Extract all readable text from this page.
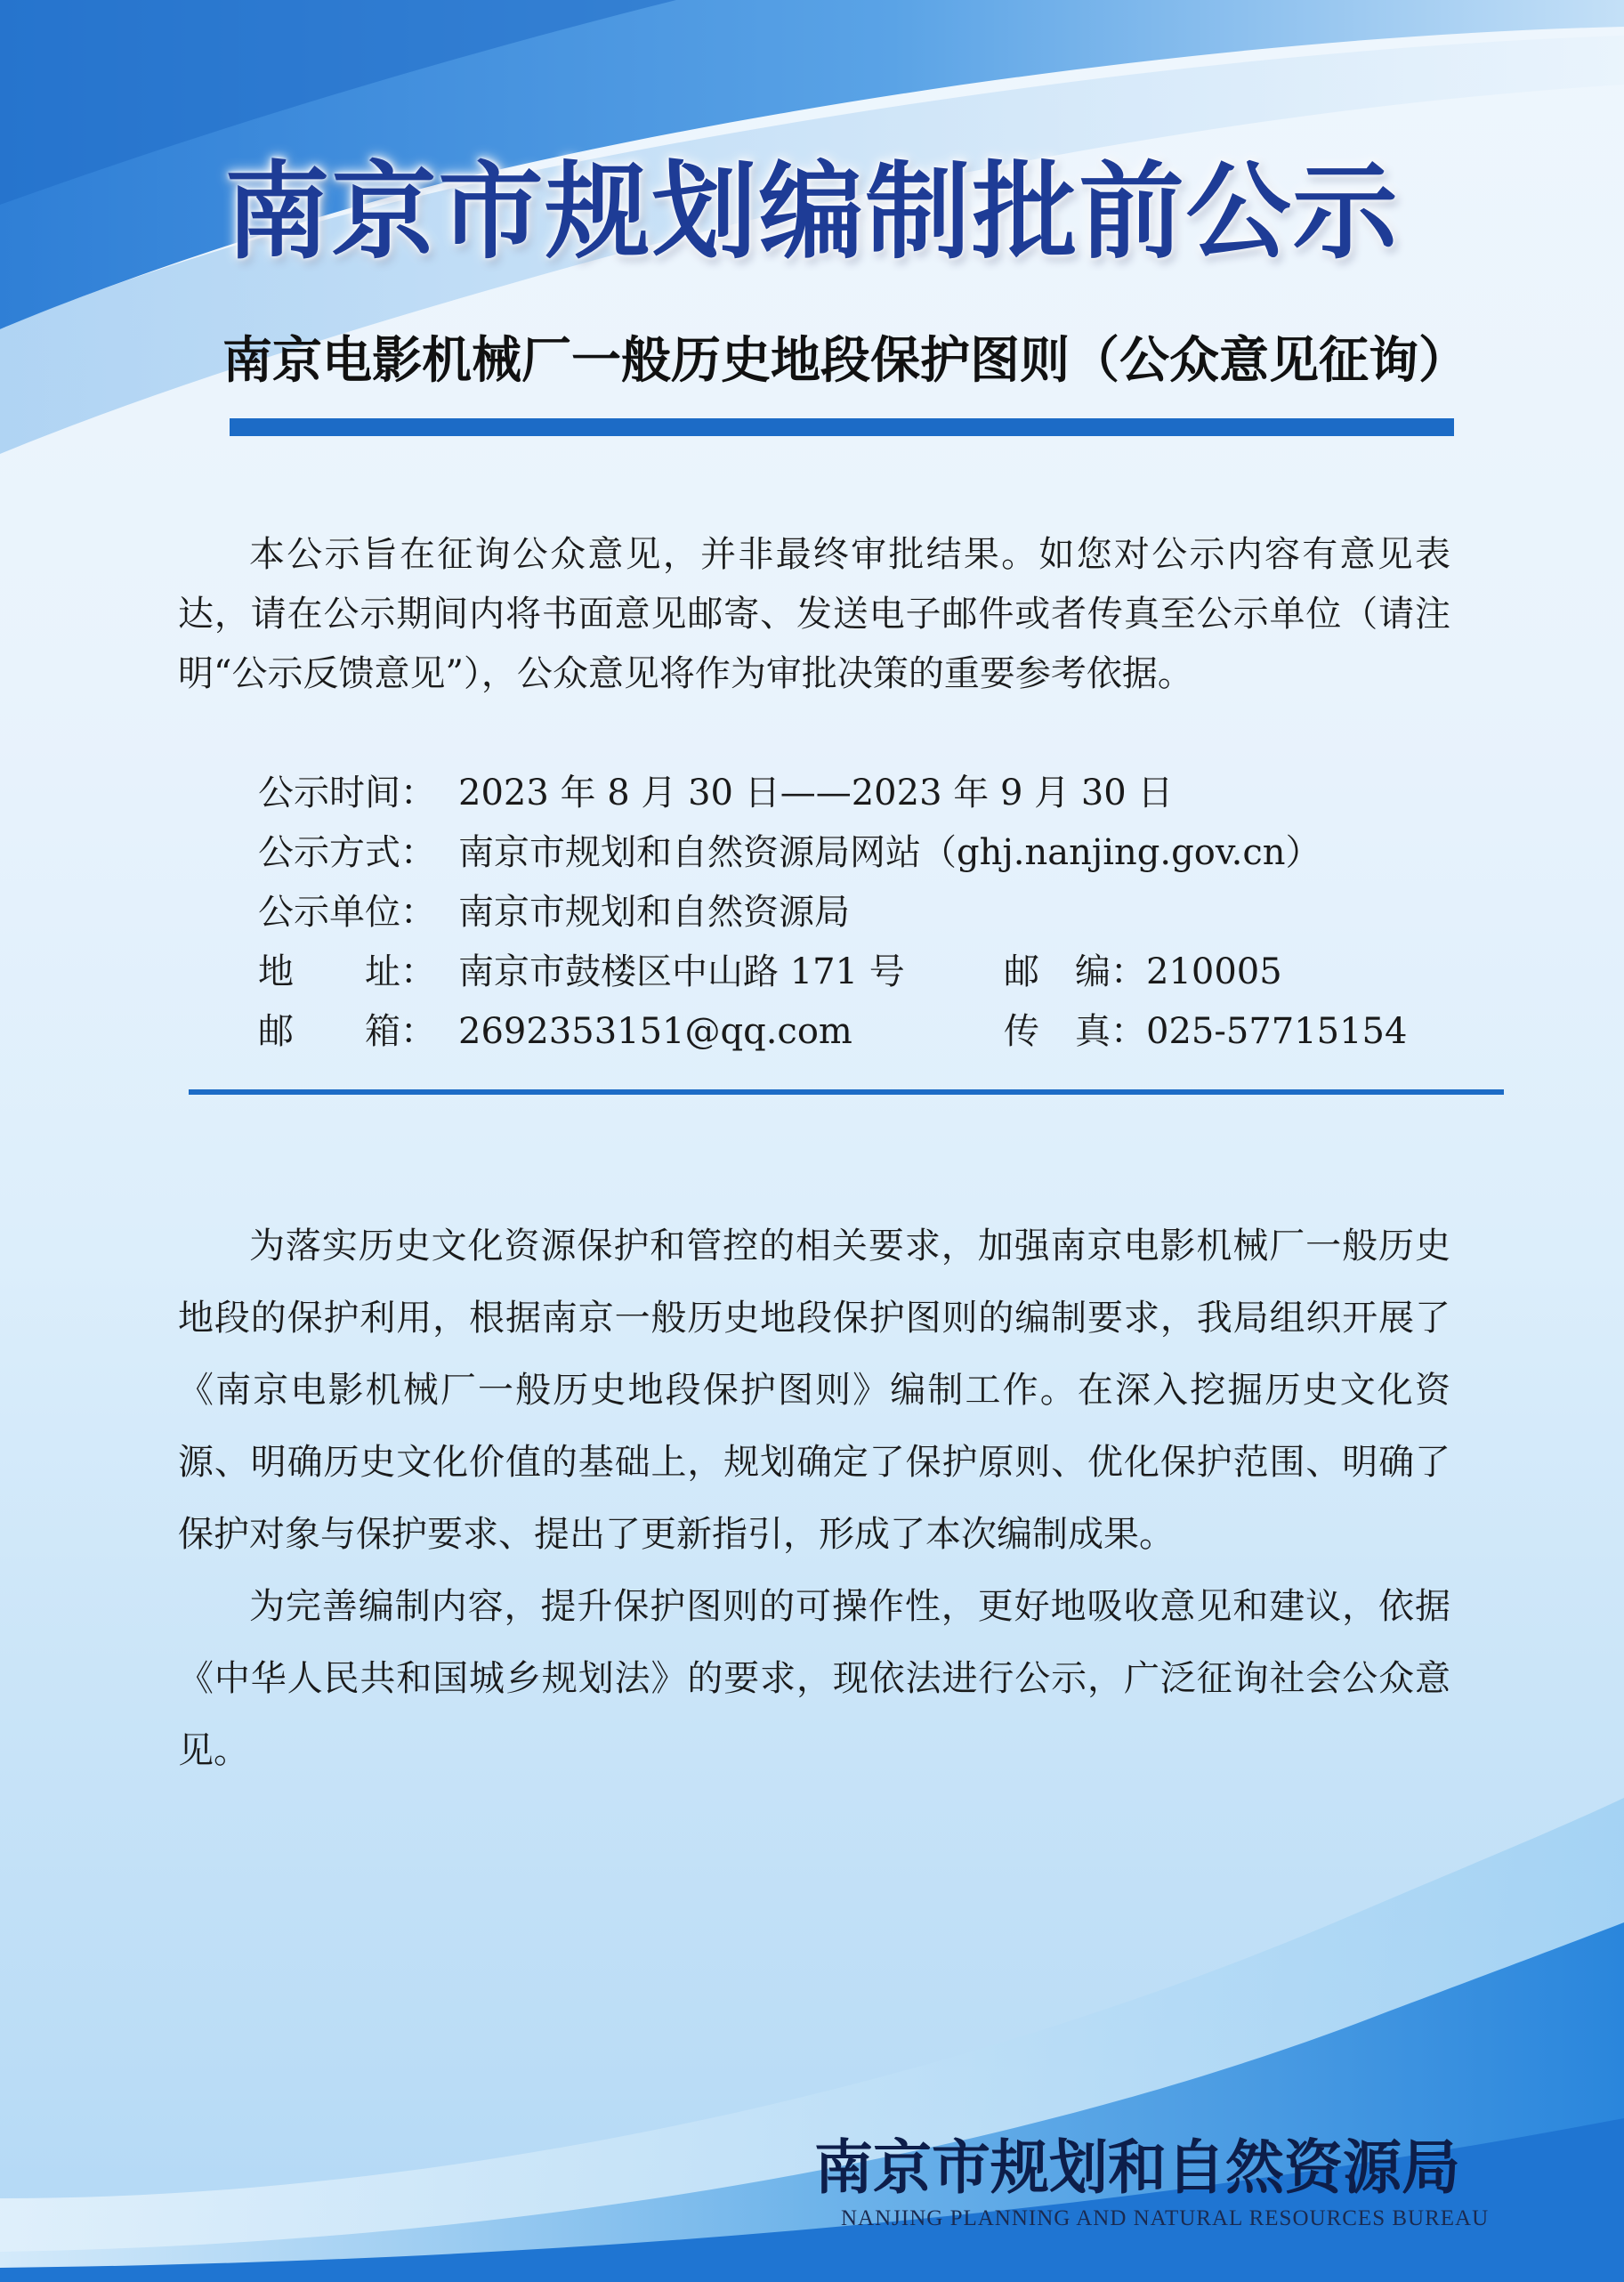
南京市规划编制批前公示
南京电影机械厂一般历史地段保护图则（公众意见征询）

本公示旨在征询公众意见，并非最终审批结果。如您对公示内容有意见表达，请在公示期间内将书面意见邮寄、发送电子邮件或者传真至公示单位（请注明“公示反馈意见”），公众意见将作为审批决策的重要参考依据。

公示时间： 2023 年 8 月 30 日——2023 年 9 月 30 日
公示方式： 南京市规划和自然资源局网站（ghj.nanjing.gov.cn）
公示单位： 南京市规划和自然资源局
地　　址： 南京市鼓楼区中山路 171 号	邮　编：210005
邮　　箱： 2692353151@qq.com	传　真：025-57715154

为落实历史文化资源保护和管控的相关要求，加强南京电影机械厂一般历史地段的保护利用，根据南京一般历史地段保护图则的编制要求，我局组织开展了《南京电影机械厂一般历史地段保护图则》编制工作。在深入挖掘历史文化资源、明确历史文化价值的基础上，规划确定了保护原则、优化保护范围、明确了保护对象与保护要求、提出了更新指引，形成了本次编制成果。

为完善编制内容，提升保护图则的可操作性，更好地吸收意见和建议，依据《中华人民共和国城乡规划法》的要求，现依法进行公示，广泛征询社会公众意见。

南京市规划和自然资源局
NANJING PLANNING AND NATURAL RESOURCES BUREAU
